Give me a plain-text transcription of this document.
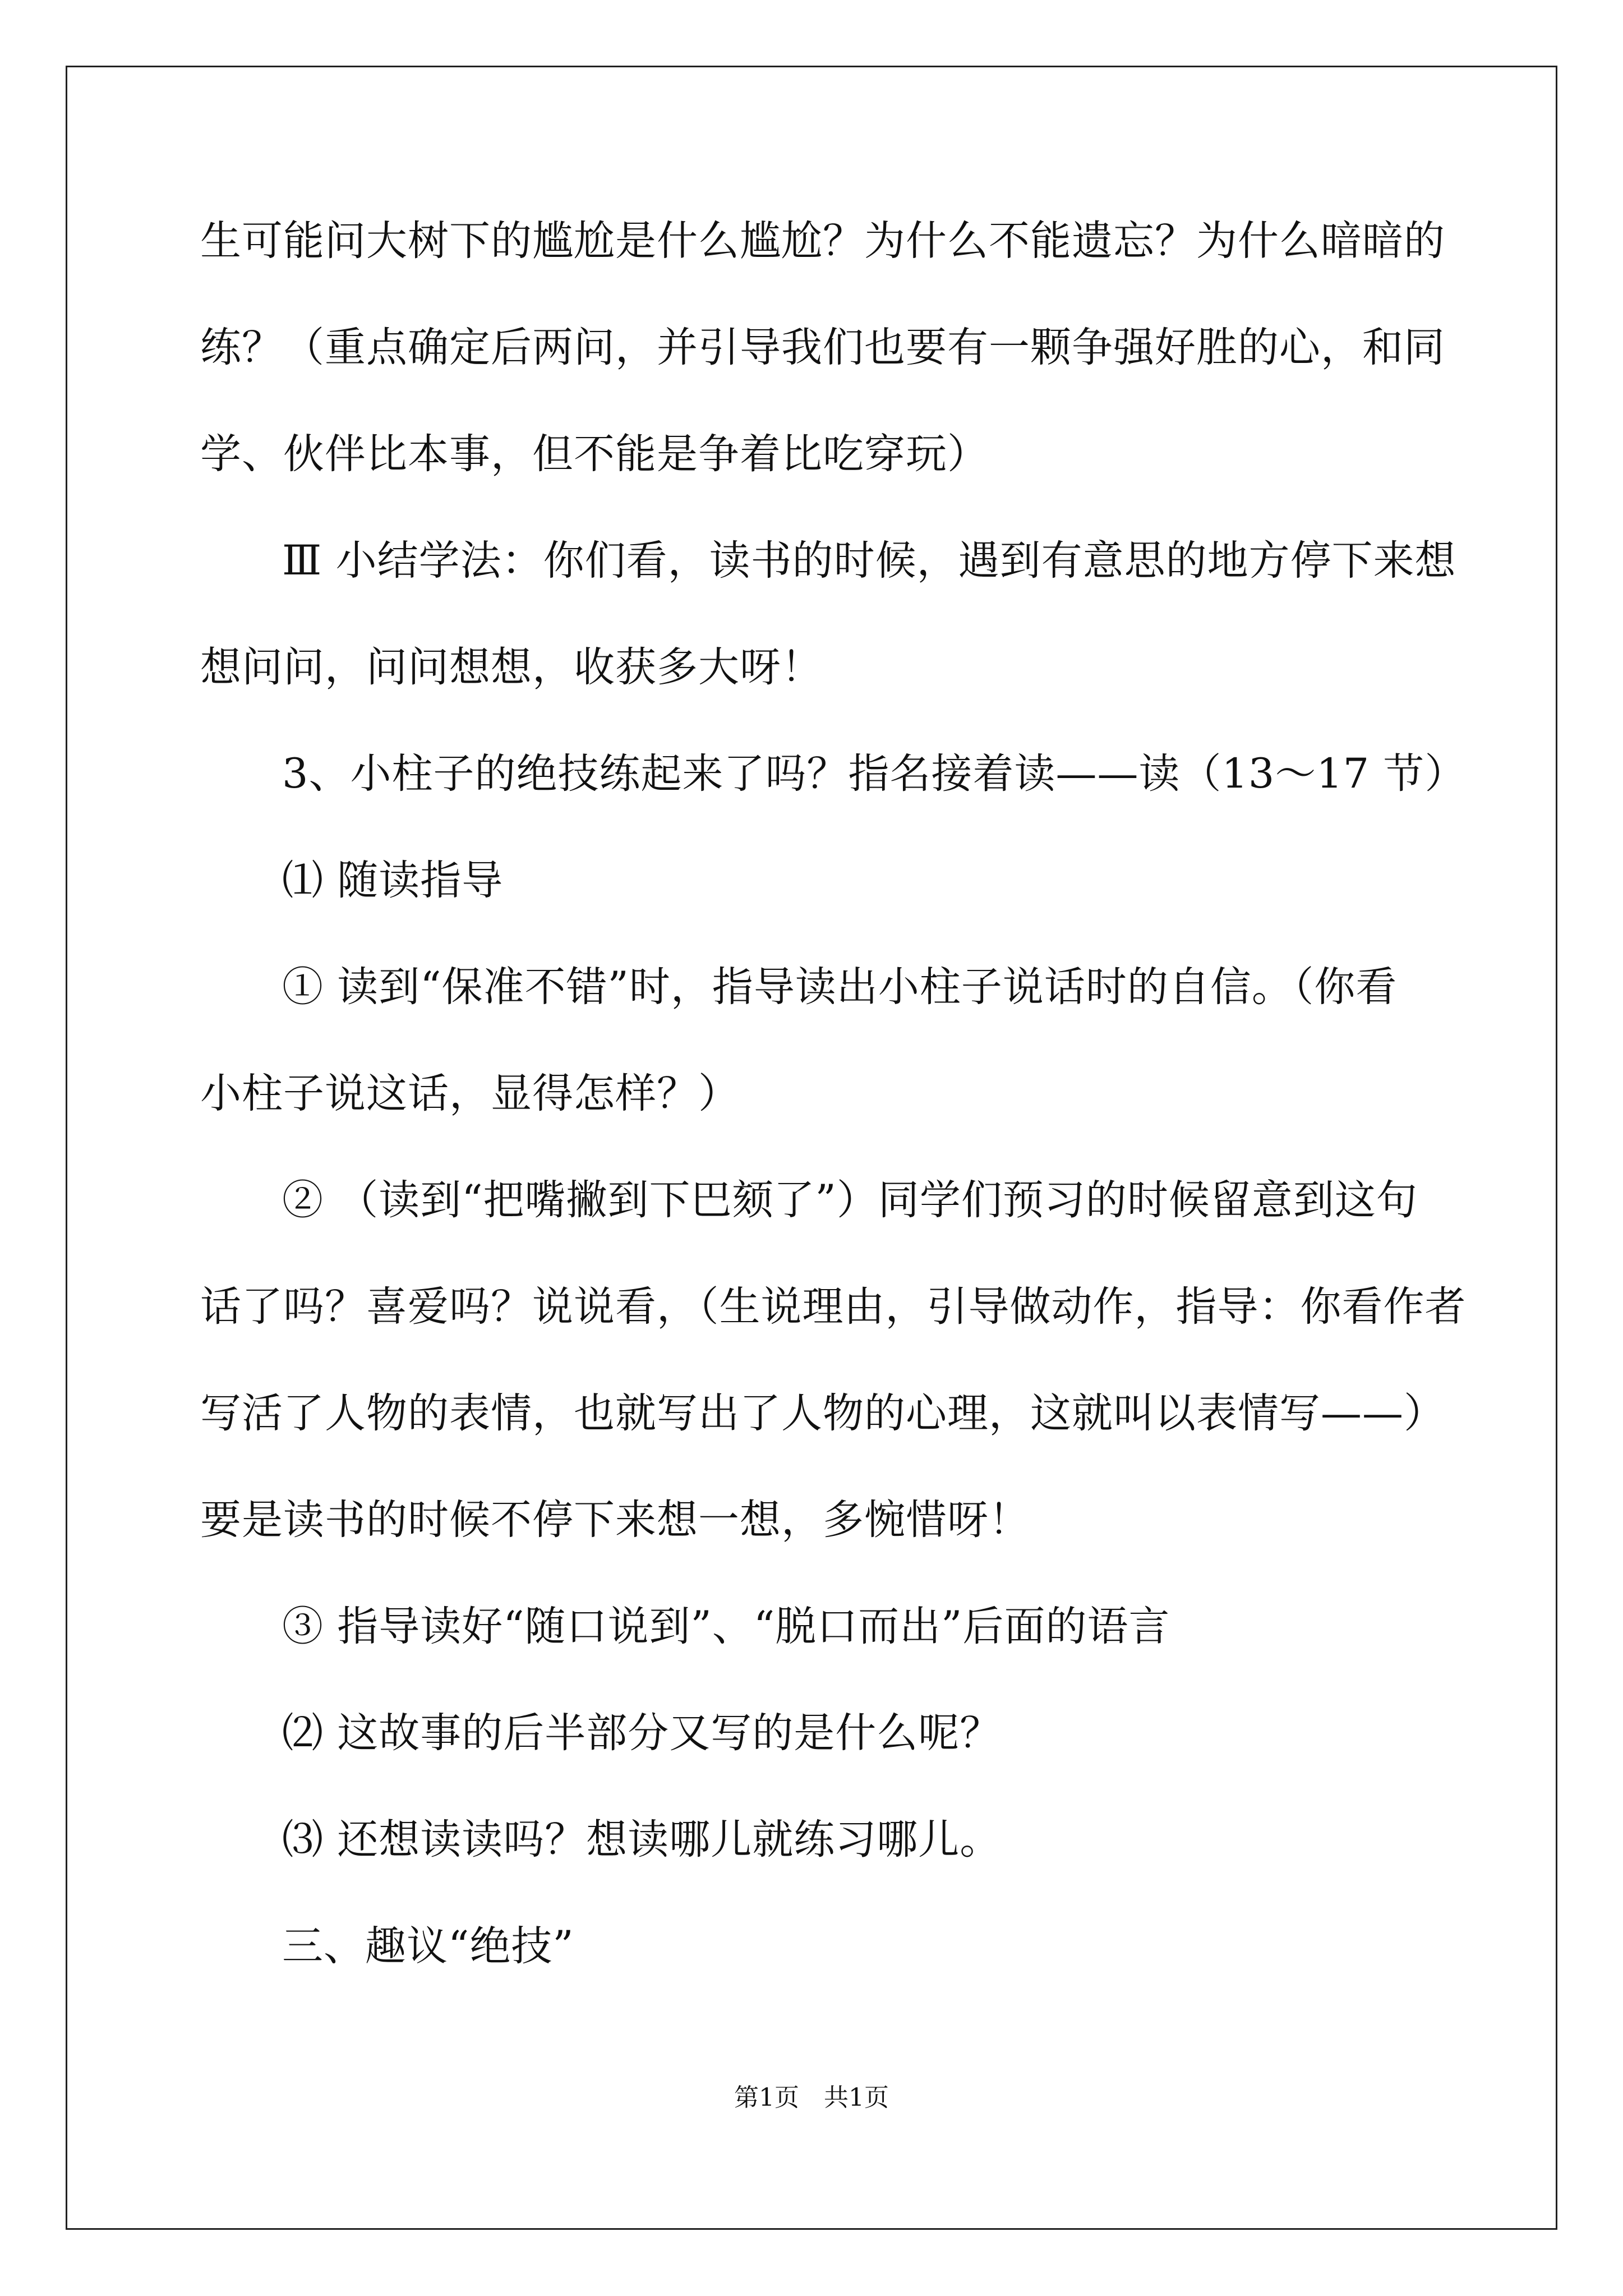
生可能问大树下的尴尬是什么尴尬？为什么不能遗忘？为什么暗暗的
练？（重点确定后两问，并引导我们也要有一颗争强好胜的心，和同
学、伙伴比本事，但不能是争着比吃穿玩）
Ⅲ 小结学法：你们看，读书的时候，遇到有意思的地方停下来想
想问问，问问想想，收获多大呀！
3、小柱子的绝技练起来了吗？指名接着读——读（13～17 节）
⑴ 随读指导
① 读到“保准不错”时，指导读出小柱子说话时的自信。（你看
小柱子说这话，显得怎样？）
② （读到“把嘴撇到下巴颏了”）同学们预习的时候留意到这句
话了吗？喜爱吗？说说看，（生说理由，引导做动作，指导：你看作者
写活了人物的表情，也就写出了人物的心理，这就叫以表情写——）
要是读书的时候不停下来想一想，多惋惜呀！
③ 指导读好“随口说到”、“脱口而出”后面的语言
⑵ 这故事的后半部分又写的是什么呢？
⑶ 还想读读吗？想读哪儿就练习哪儿。
三、趣议“绝技”
第1页　共1页
